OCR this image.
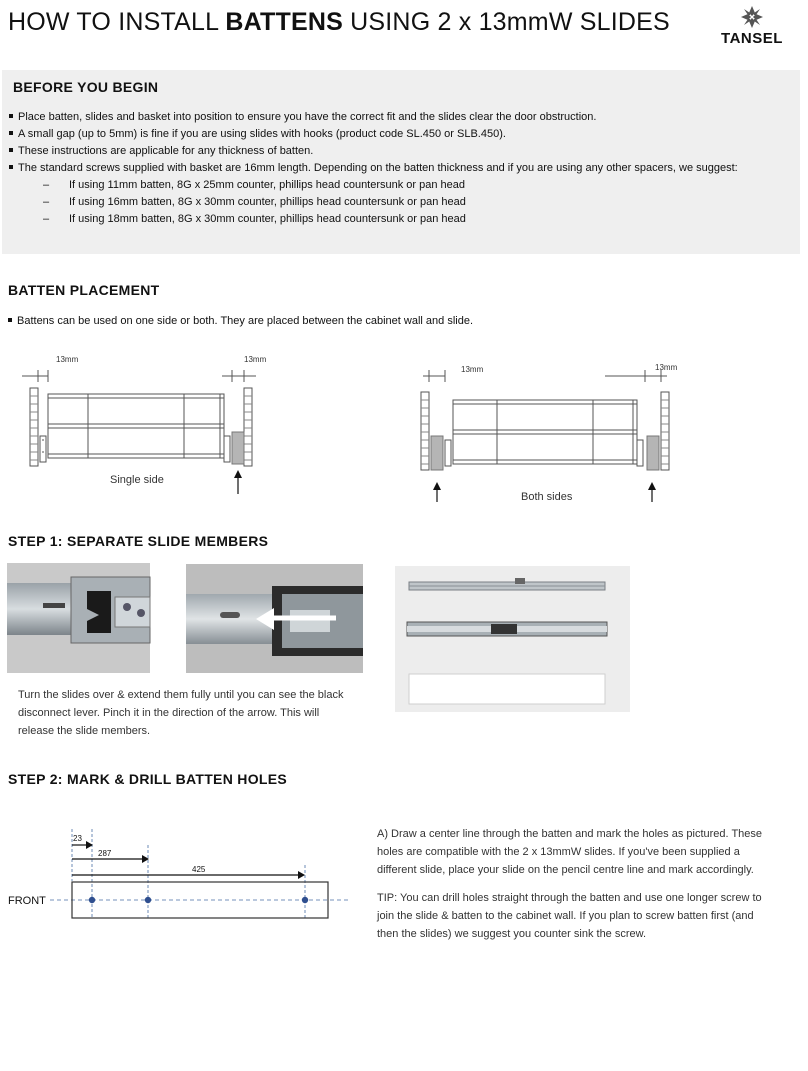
HOW TO INSTALL BATTENS USING 2 x 13mmW SLIDES
TANSEL
BEFORE YOU BEGIN
Place batten, slides and basket into position to ensure you have the correct fit and the slides clear the door obstruction.
A small gap (up to 5mm) is fine if you are using slides with hooks (product code SL.450 or SLB.450).
These instructions are applicable for any thickness of batten.
The standard screws supplied with basket are 16mm length. Depending on the batten thickness and if you are using any other spacers, we suggest:
– If using 11mm batten, 8G x 25mm counter, phillips head countersunk or pan head
– If using 16mm batten, 8G x 30mm counter, phillips head countersunk or pan head
– If using 18mm batten, 8G x 30mm counter, phillips head countersunk or pan head
BATTEN PLACEMENT
Battens can be used on one side or both. They are placed between the cabinet wall and slide.
13mm	13mm
Single side
13mm	13mm
Both sides
STEP 1: SEPARATE SLIDE MEMBERS
Turn the slides over & extend them fully until you can see the black
disconnect lever. Pinch it in the direction of the arrow. This will
release the slide members.
STEP 2: MARK & DRILL BATTEN HOLES
23
287
425
FRONT
A) Draw a center line through the batten and mark the holes as pictured. These holes are compatible with the 2 x 13mmW slides. If you've been supplied a different slide, place your slide on the pencil centre line and mark accordingly.
TIP: You can drill holes straight through the batten and use one longer screw to join the slide & batten to the cabinet wall. If you plan to screw batten first (and then the slides) we suggest you counter sink the screw.
